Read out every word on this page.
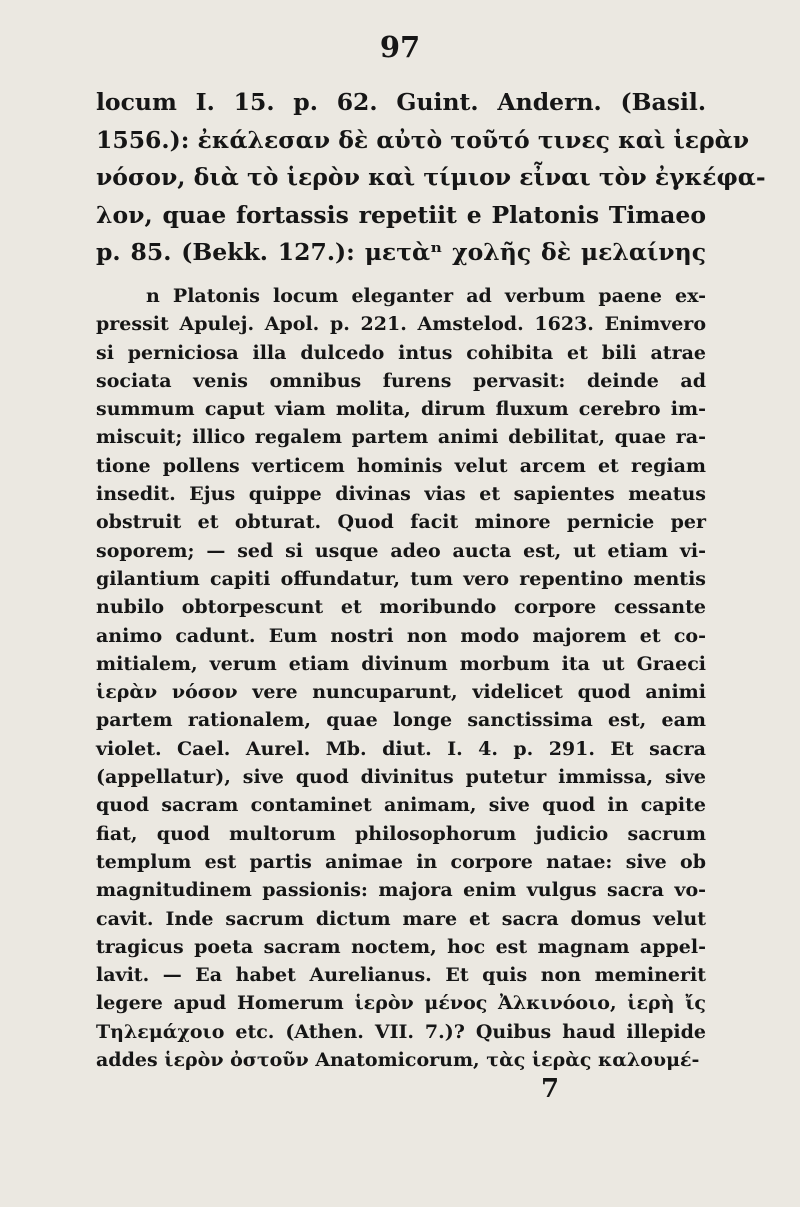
97
locum I. 15. p. 62. Guint. Andern. (Basil.
1556.): ἐκάλεσαν δὲ αὐτὸ τοῦτό τινες καὶ ἱερὰν
νόσον, διὰ τὸ ἱερὸν καὶ τίμιον εἶναι τὸν ἐγκέφα-
λον, quae fortassis repetiit e Platonis Timaeo
p. 85. (Bekk. 127.): μετὰⁿ χολῆς δὲ μελαίνης
n Platonis locum eleganter ad verbum paene ex-
pressit Apulej. Apol. p. 221. Amstelod. 1623. Enimvero
si perniciosa illa dulcedo intus cohibita et bili atrae
sociata venis omnibus furens pervasit: deinde ad
summum caput viam molita, dirum fluxum cerebro im-
miscuit; illico regalem partem animi debilitat, quae ra-
tione pollens verticem hominis velut arcem et regiam
insedit. Ejus quippe divinas vias et sapientes meatus
obstruit et obturat. Quod facit minore pernicie per
soporem; — sed si usque adeo aucta est, ut etiam vi-
gilantium capiti offundatur, tum vero repentino mentis
nubilo obtorpescunt et moribundo corpore cessante
animo cadunt. Eum nostri non modo majorem et co-
mitialem, verum etiam divinum morbum ita ut Graeci
ἱερὰν νόσον vere nuncuparunt, videlicet quod animi
partem rationalem, quae longe sanctissima est, eam
violet. Cael. Aurel. Mb. diut. I. 4. p. 291. Et sacra
(appellatur), sive quod divinitus putetur immissa, sive
quod sacram contaminet animam, sive quod in capite
fiat, quod multorum philosophorum judicio sacrum
templum est partis animae in corpore natae: sive ob
magnitudinem passionis: majora enim vulgus sacra vo-
cavit. Inde sacrum dictum mare et sacra domus velut
tragicus poeta sacram noctem, hoc est magnam appel-
lavit. — Ea habet Aurelianus. Et quis non meminerit
legere apud Homerum ἱερὸν μένος Ἀλκινόοιο, ἱερὴ ἴς
Τηλεμάχοιο etc. (Athen. VII. 7.)? Quibus haud illepide
addes ἱερὸν ὀστοῦν Anatomicorum, τὰς ἱερὰς καλουμέ-
7
